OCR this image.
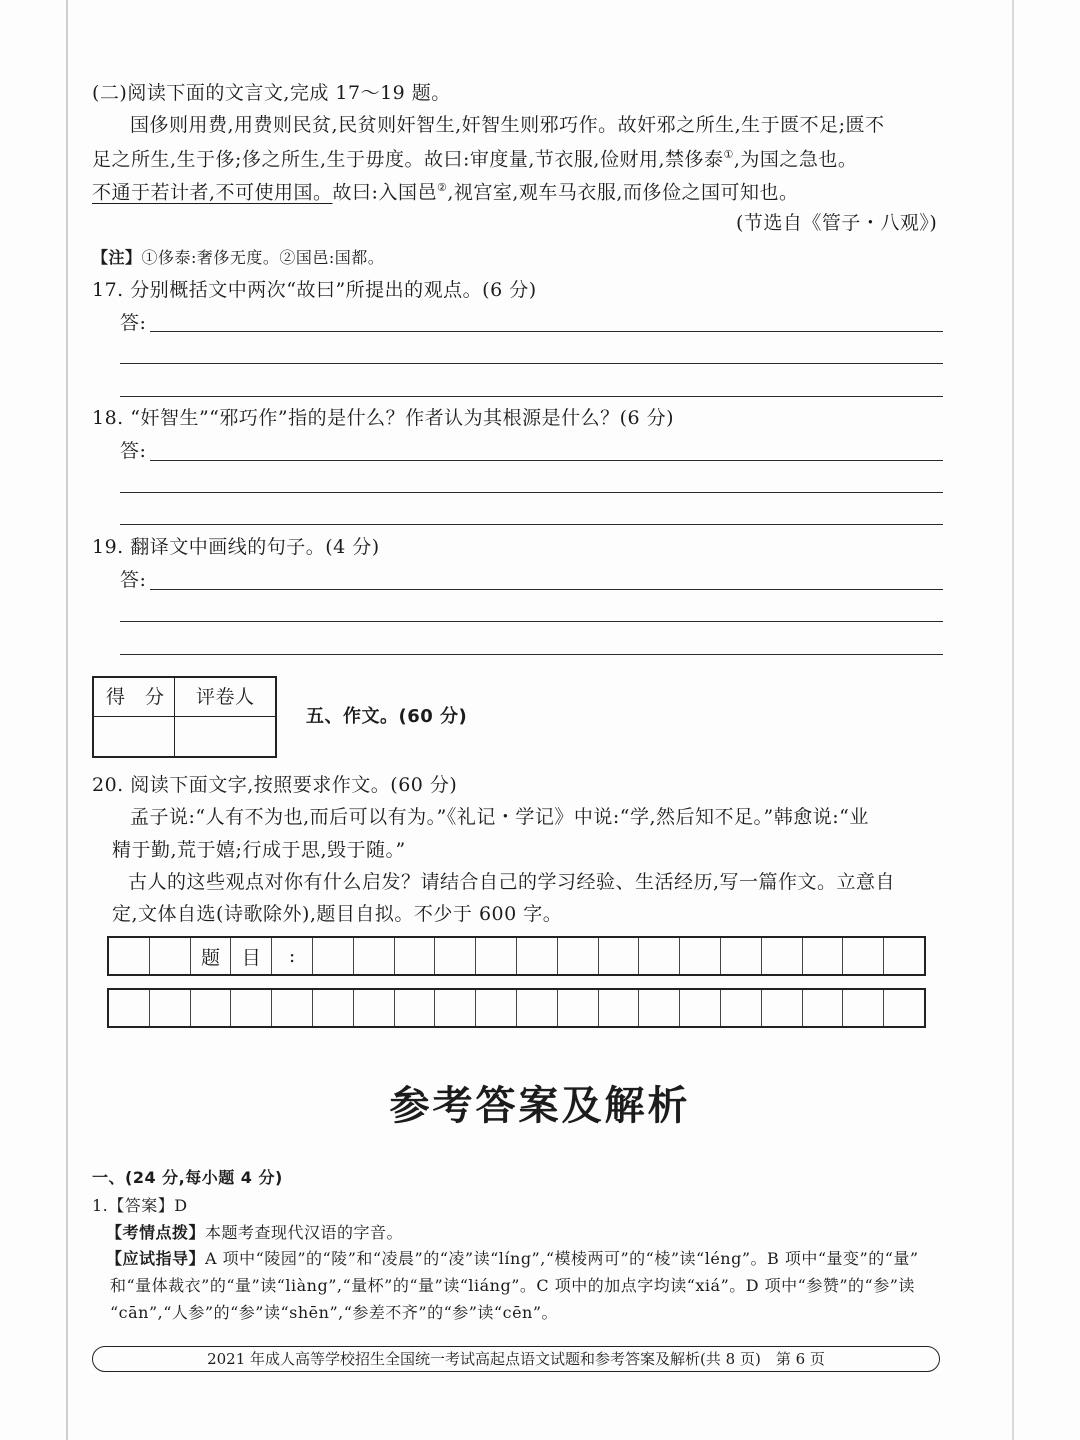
(二)阅读下面的文言文,完成 17～19 题。
国侈则用费,用费则民贫,民贫则奸智生,奸智生则邪巧作。故奸邪之所生,生于匮不足;匮不
足之所生,生于侈;侈之所生,生于毋度。故曰:审度量,节衣服,俭财用,禁侈泰①,为国之急也。
不通于若计者,不可使用国。故曰:入国邑②,视宫室,观车马衣服,而侈俭之国可知也。
(节选自《管子・八观》)
【注】①侈泰:奢侈无度。②国邑:国都。
17. 分别概括文中两次“故曰”所提出的观点。(6 分)
答:
18. “奸智生”“邪巧作”指的是什么？作者认为其根源是什么？(6 分)
答:
19. 翻译文中画线的句子。(4 分)
答:
得　分 评卷人
五、作文。(60 分)
20. 阅读下面文字,按照要求作文。(60 分)
孟子说:“人有不为也,而后可以有为。”《礼记・学记》中说:“学,然后知不足。”韩愈说:“业
精于勤,荒于嬉;行成于思,毁于随。”
古人的这些观点对你有什么启发？请结合自己的学习经验、生活经历,写一篇作文。立意自
定,文体自选(诗歌除外),题目自拟。不少于 600 字。
题	目	:
参考答案及解析
一、(24 分,每小题 4 分)
1.【答案】D
【考情点拨】本题考查现代汉语的字音。
【应试指导】A 项中“陵园”的“陵”和“凌晨”的“凌”读“líng”,“模棱两可”的“棱”读“léng”。B 项中“量变”的“量”
和“量体裁衣”的“量”读“liàng”,“量杯”的“量”读“liáng”。C 项中的加点字均读“xiá”。D 项中“参赞”的“参”读
“cān”,“人参”的“参”读“shēn”,“参差不齐”的“参”读“cēn”。
2021 年成人高等学校招生全国统一考试高起点语文试题和参考答案及解析(共 8 页)　第 6 页
